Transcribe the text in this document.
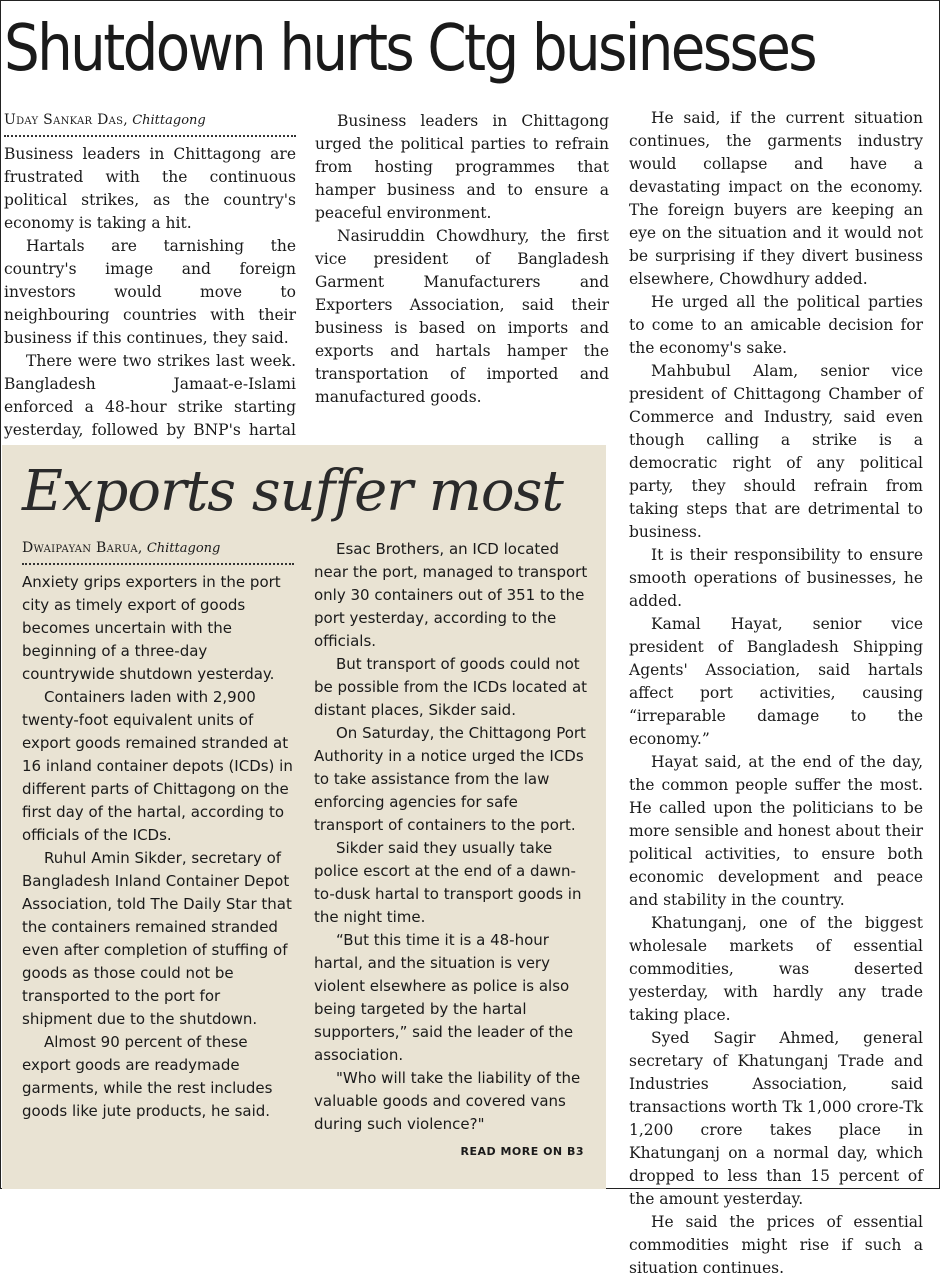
Shutdown hurts Ctg businesses
Uday Sankar Das, Chittagong

Business leaders in Chittagong are frustrated with the continuous political strikes, as the country's economy is taking a hit.

Hartals are tarnishing the country's image and foreign investors would move to neighbouring countries with their business if this continues, they said.

There were two strikes last week. Bangladesh Jamaat-e-Islami enforced a 48-hour strike starting yesterday, followed by BNP's hartal

Business leaders in Chittagong urged the political parties to refrain from hosting programmes that hamper business and to ensure a peaceful environment.

Nasiruddin Chowdhury, the first vice president of Bangladesh Garment Manufacturers and Exporters Association, said their business is based on imports and exports and hartals hamper the transportation of imported and manufactured goods.

He said, if the current situation continues, the garments industry would collapse and have a devastating impact on the economy. The foreign buyers are keeping an eye on the situation and it would not be surprising if they divert business elsewhere, Chowdhury added.

He urged all the political parties to come to an amicable decision for the economy's sake.

Mahbubul Alam, senior vice president of Chittagong Chamber of Commerce and Industry, said even though calling a strike is a democratic right of any political party, they should refrain from taking steps that are detrimental to business.

It is their responsibility to ensure smooth operations of businesses, he added.

Kamal Hayat, senior vice president of Bangladesh Shipping Agents' Association, said hartals affect port activities, causing “irreparable damage to the economy.”

Hayat said, at the end of the day, the common people suffer the most. He called upon the politicians to be more sensible and honest about their political activities, to ensure both economic development and peace and stability in the country.

Khatunganj, one of the biggest wholesale markets of essential commodities, was deserted yesterday, with hardly any trade taking place.

Syed Sagir Ahmed, general secretary of Khatunganj Trade and Industries Association, said transactions worth Tk 1,000 crore-Tk 1,200 crore takes place in Khatunganj on a normal day, which dropped to less than 15 percent of the amount yesterday.

He said the prices of essential commodities might rise if such a situation continues.

Exports suffer most
Dwaipayan Barua, Chittagong

Anxiety grips exporters in the port city as timely export of goods becomes uncertain with the beginning of a three-day countrywide shutdown yesterday.

Containers laden with 2,900 twenty-foot equivalent units of export goods remained stranded at 16 inland container depots (ICDs) in different parts of Chittagong on the first day of the hartal, according to officials of the ICDs.

Ruhul Amin Sikder, secretary of Bangladesh Inland Container Depot Association, told The Daily Star that the containers remained stranded even after completion of stuffing of goods as those could not be transported to the port for shipment due to the shutdown.

Almost 90 percent of these export goods are readymade garments, while the rest includes goods like jute products, he said.

Esac Brothers, an ICD located near the port, managed to transport only 30 containers out of 351 to the port yesterday, according to the officials.

But transport of goods could not be possible from the ICDs located at distant places, Sikder said.

On Saturday, the Chittagong Port Authority in a notice urged the ICDs to take assistance from the law enforcing agencies for safe transport of containers to the port.

Sikder said they usually take police escort at the end of a dawn-to-dusk hartal to transport goods in the night time.

“But this time it is a 48-hour hartal, and the situation is very violent elsewhere as police is also being targeted by the hartal supporters,” said the leader of the association.

"Who will take the liability of the valuable goods and covered vans during such violence?"

READ MORE ON B3
